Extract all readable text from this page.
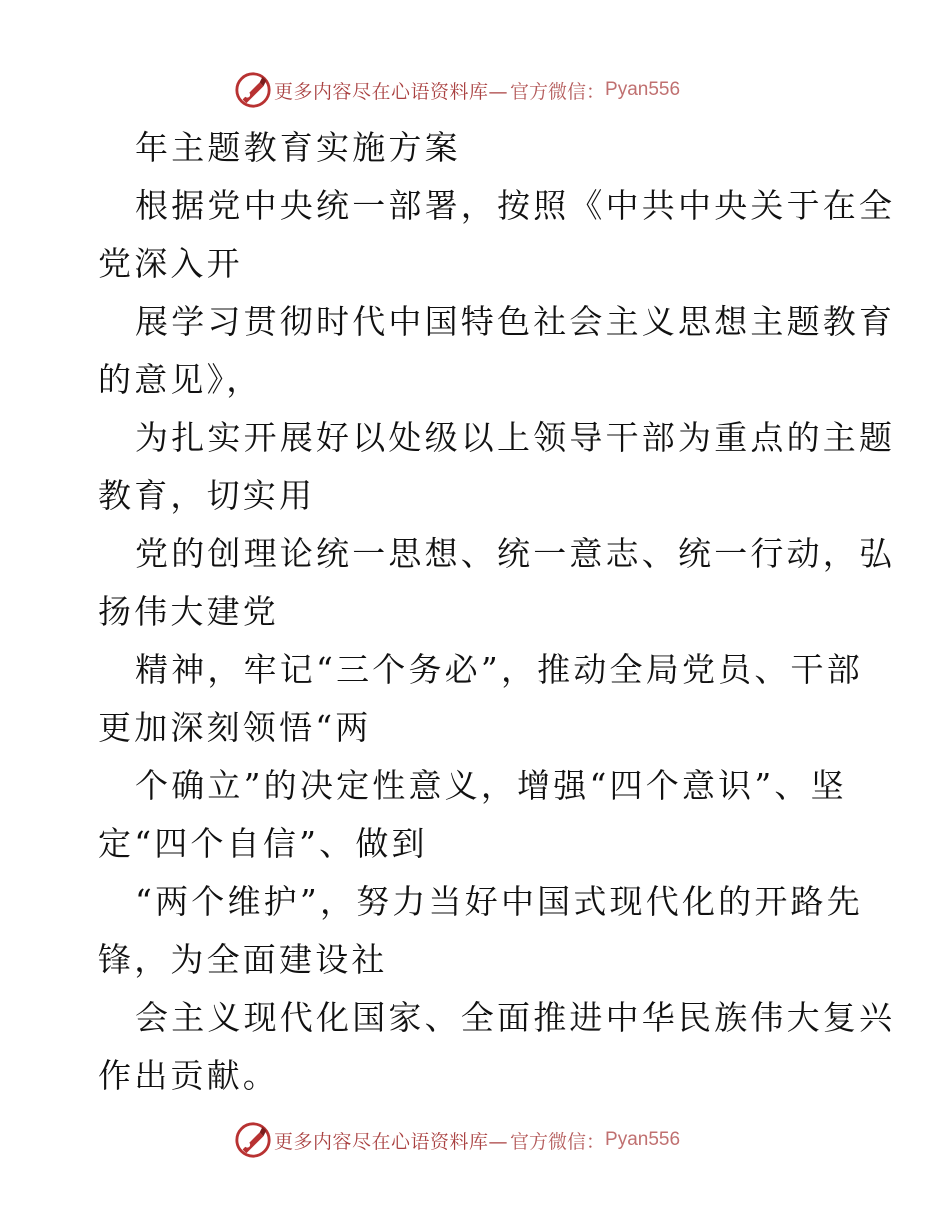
更多内容尽在心语资料库— 官方微信： Pyan556
年主题教育实施方案
根据党中央统一部署，按照《中共中央关于在全
党深入开
展学习贯彻时代中国特色社会主义思想主题教育
的意见》，
为扎实开展好以处级以上领导干部为重点的主题
教育，切实用
党的创理论统一思想、统一意志、统一行动，弘
扬伟大建党
精神，牢记“三个务必”，推动全局党员、干部
更加深刻领悟“两
个确立”的决定性意义，增强“四个意识”、坚
定“四个自信”、做到
“两个维护”，努力当好中国式现代化的开路先
锋，为全面建设社
会主义现代化国家、全面推进中华民族伟大复兴
作出贡献。
更多内容尽在心语资料库— 官方微信： Pyan556
